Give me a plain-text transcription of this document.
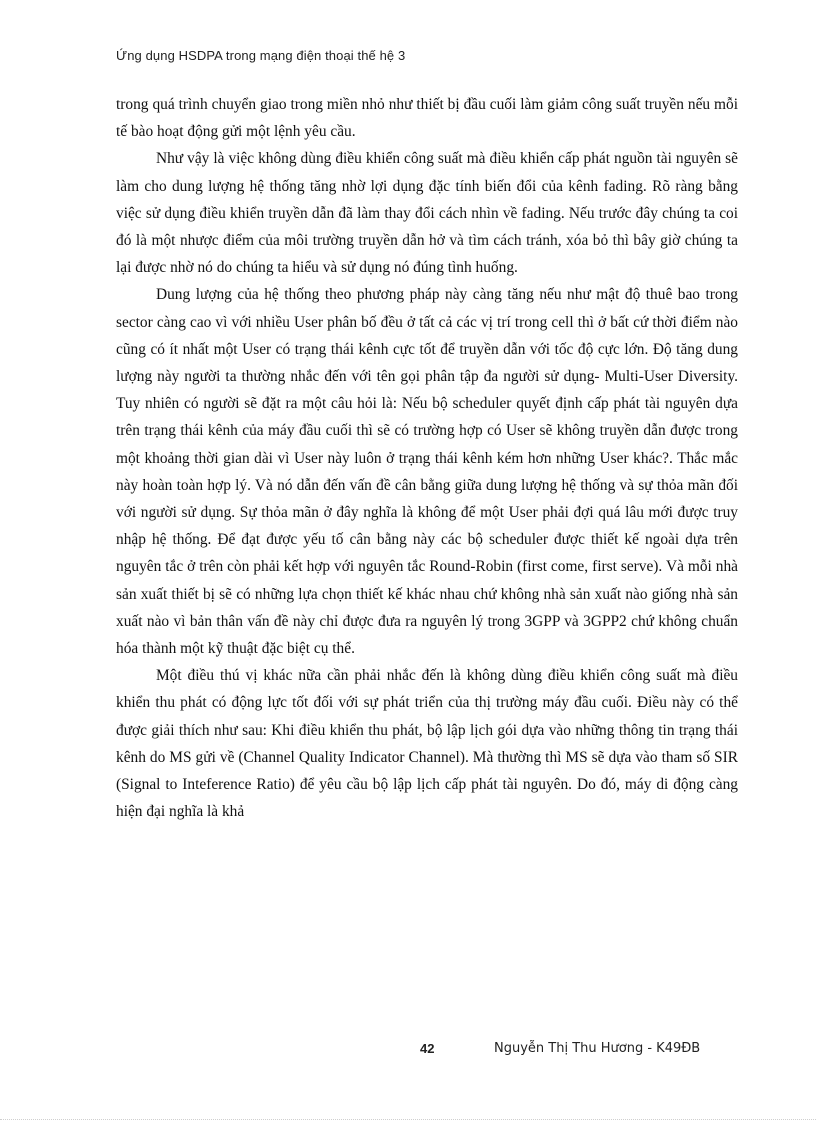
Ứng dụng HSDPA trong mạng điện thoại thế hệ 3

trong quá trình chuyển giao trong miền nhỏ như thiết bị đầu cuối làm giảm công suất truyền nếu mỗi tế bào hoạt động gửi một lệnh yêu cầu.

Như vậy là việc không dùng điều khiển công suất mà điều khiển cấp phát nguồn tài nguyên sẽ làm cho dung lượng hệ thống tăng nhờ lợi dụng đặc tính biến đổi của kênh fading. Rõ ràng bằng việc sử dụng điều khiển truyền dẫn đã làm thay đổi cách nhìn về fading. Nếu trước đây chúng ta coi đó là một nhược điểm của môi trường truyền dẫn hở và tìm cách tránh, xóa bỏ thì bây giờ chúng ta lại được nhờ nó do chúng ta hiểu và sử dụng nó đúng tình huống.

Dung lượng của hệ thống theo phương pháp này càng tăng nếu như mật độ thuê bao trong sector càng cao vì với nhiều User phân bố đều ở tất cả các vị trí trong cell thì ở bất cứ thời điểm nào cũng có ít nhất một User có trạng thái kênh cực tốt để truyền dẫn với tốc độ cực lớn. Độ tăng dung lượng này người ta thường nhắc đến với tên gọi phân tập đa người sử dụng- Multi-User Diversity. Tuy nhiên có người sẽ đặt ra một câu hỏi là: Nếu bộ scheduler quyết định cấp phát tài nguyên dựa trên trạng thái kênh của máy đầu cuối thì sẽ có trường hợp có User sẽ không truyền dẫn được trong một khoảng thời gian dài vì User này luôn ở trạng thái kênh kém hơn những User khác?. Thắc mắc này hoàn toàn hợp lý. Và nó dẫn đến vấn đề cân bằng giữa dung lượng hệ thống và sự thỏa mãn đối với người sử dụng. Sự thỏa mãn ở đây nghĩa là không để một User phải đợi quá lâu mới được truy nhập hệ thống. Để đạt được yếu tố cân bằng này các bộ scheduler được thiết kế ngoài dựa trên nguyên tắc ở trên còn phải kết hợp với nguyên tắc Round-Robin (first come, first serve). Và mỗi nhà sản xuất thiết bị sẽ có những lựa chọn thiết kế khác nhau chứ không nhà sản xuất nào giống nhà sản xuất nào vì bản thân vấn đề này chỉ được đưa ra nguyên lý trong 3GPP và 3GPP2 chứ không chuẩn hóa thành một kỹ thuật đặc biệt cụ thể.

Một điều thú vị khác nữa cần phải nhắc đến là không dùng điều khiển công suất mà điều khiển thu phát có động lực tốt đối với sự phát triển của thị trường máy đầu cuối. Điều này có thể được giải thích như sau: Khi điều khiển thu phát, bộ lập lịch gói dựa vào những thông tin trạng thái kênh do MS gửi về (Channel Quality Indicator Channel). Mà thường thì MS sẽ dựa vào tham số SIR (Signal to Inteference Ratio) để yêu cầu bộ lập lịch cấp phát tài nguyên. Do đó, máy di động càng hiện đại nghĩa là khả

42	Nguyễn Thị Thu Hương - K49ĐB
